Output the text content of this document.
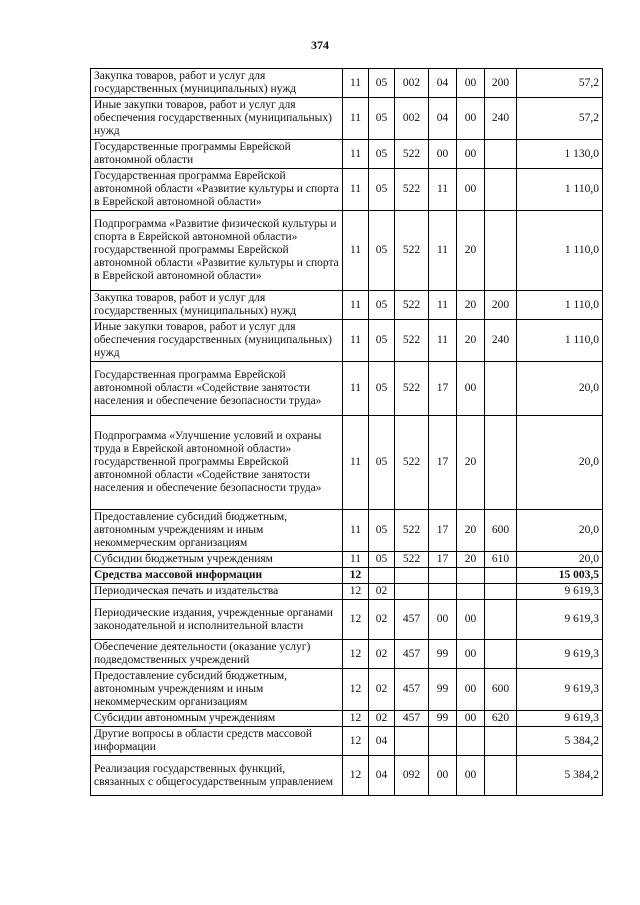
374
Закупка товаров, работ и услуг для государственных (муниципальных) нужд	11	05	002	04	00	200	57,2
Иные закупки товаров, работ и услуг для обеспечения государственных (муниципальных) нужд	11	05	002	04	00	240	57,2
Государственные программы Еврейской автономной области	11	05	522	00	00		1 130,0
Государственная программа Еврейской автономной области «Развитие культуры и спорта в Еврейской автономной области»	11	05	522	11	00		1 110,0
Подпрограмма «Развитие физической культуры и спорта в Еврейской автономной области» государственной программы Еврейской автономной области «Развитие культуры и спорта в Еврейской автономной области»	11	05	522	11	20		1 110,0
Закупка товаров, работ и услуг для государственных (муниципальных) нужд	11	05	522	11	20	200	1 110,0
Иные закупки товаров, работ и услуг для обеспечения государственных (муниципальных) нужд	11	05	522	11	20	240	1 110,0
Государственная программа Еврейской автономной области «Содействие занятости населения и обеспечение безопасности труда»	11	05	522	17	00		20,0
Подпрограмма «Улучшение условий и охраны труда в Еврейской автономной области» государственной программы Еврейской автономной области «Содействие занятости населения и обеспечение безопасности труда»	11	05	522	17	20		20,0
Предоставление субсидий бюджетным, автономным учреждениям и иным некоммерческим организациям	11	05	522	17	20	600	20,0
Субсидии бюджетным учреждениям	11	05	522	17	20	610	20,0
Средства массовой информации	12						15 003,5
Периодическая печать и издательства	12	02					9 619,3
Периодические издания, учрежденные органами законодательной и исполнительной власти	12	02	457	00	00		9 619,3
Обеспечение деятельности (оказание услуг) подведомственных учреждений	12	02	457	99	00		9 619,3
Предоставление субсидий бюджетным, автономным учреждениям и иным некоммерческим организациям	12	02	457	99	00	600	9 619,3
Субсидии автономным учреждениям	12	02	457	99	00	620	9 619,3
Другие вопросы в области средств массовой информации	12	04					5 384,2
Реализация государственных функций, связанных с общегосударственным управлением	12	04	092	00	00		5 384,2
